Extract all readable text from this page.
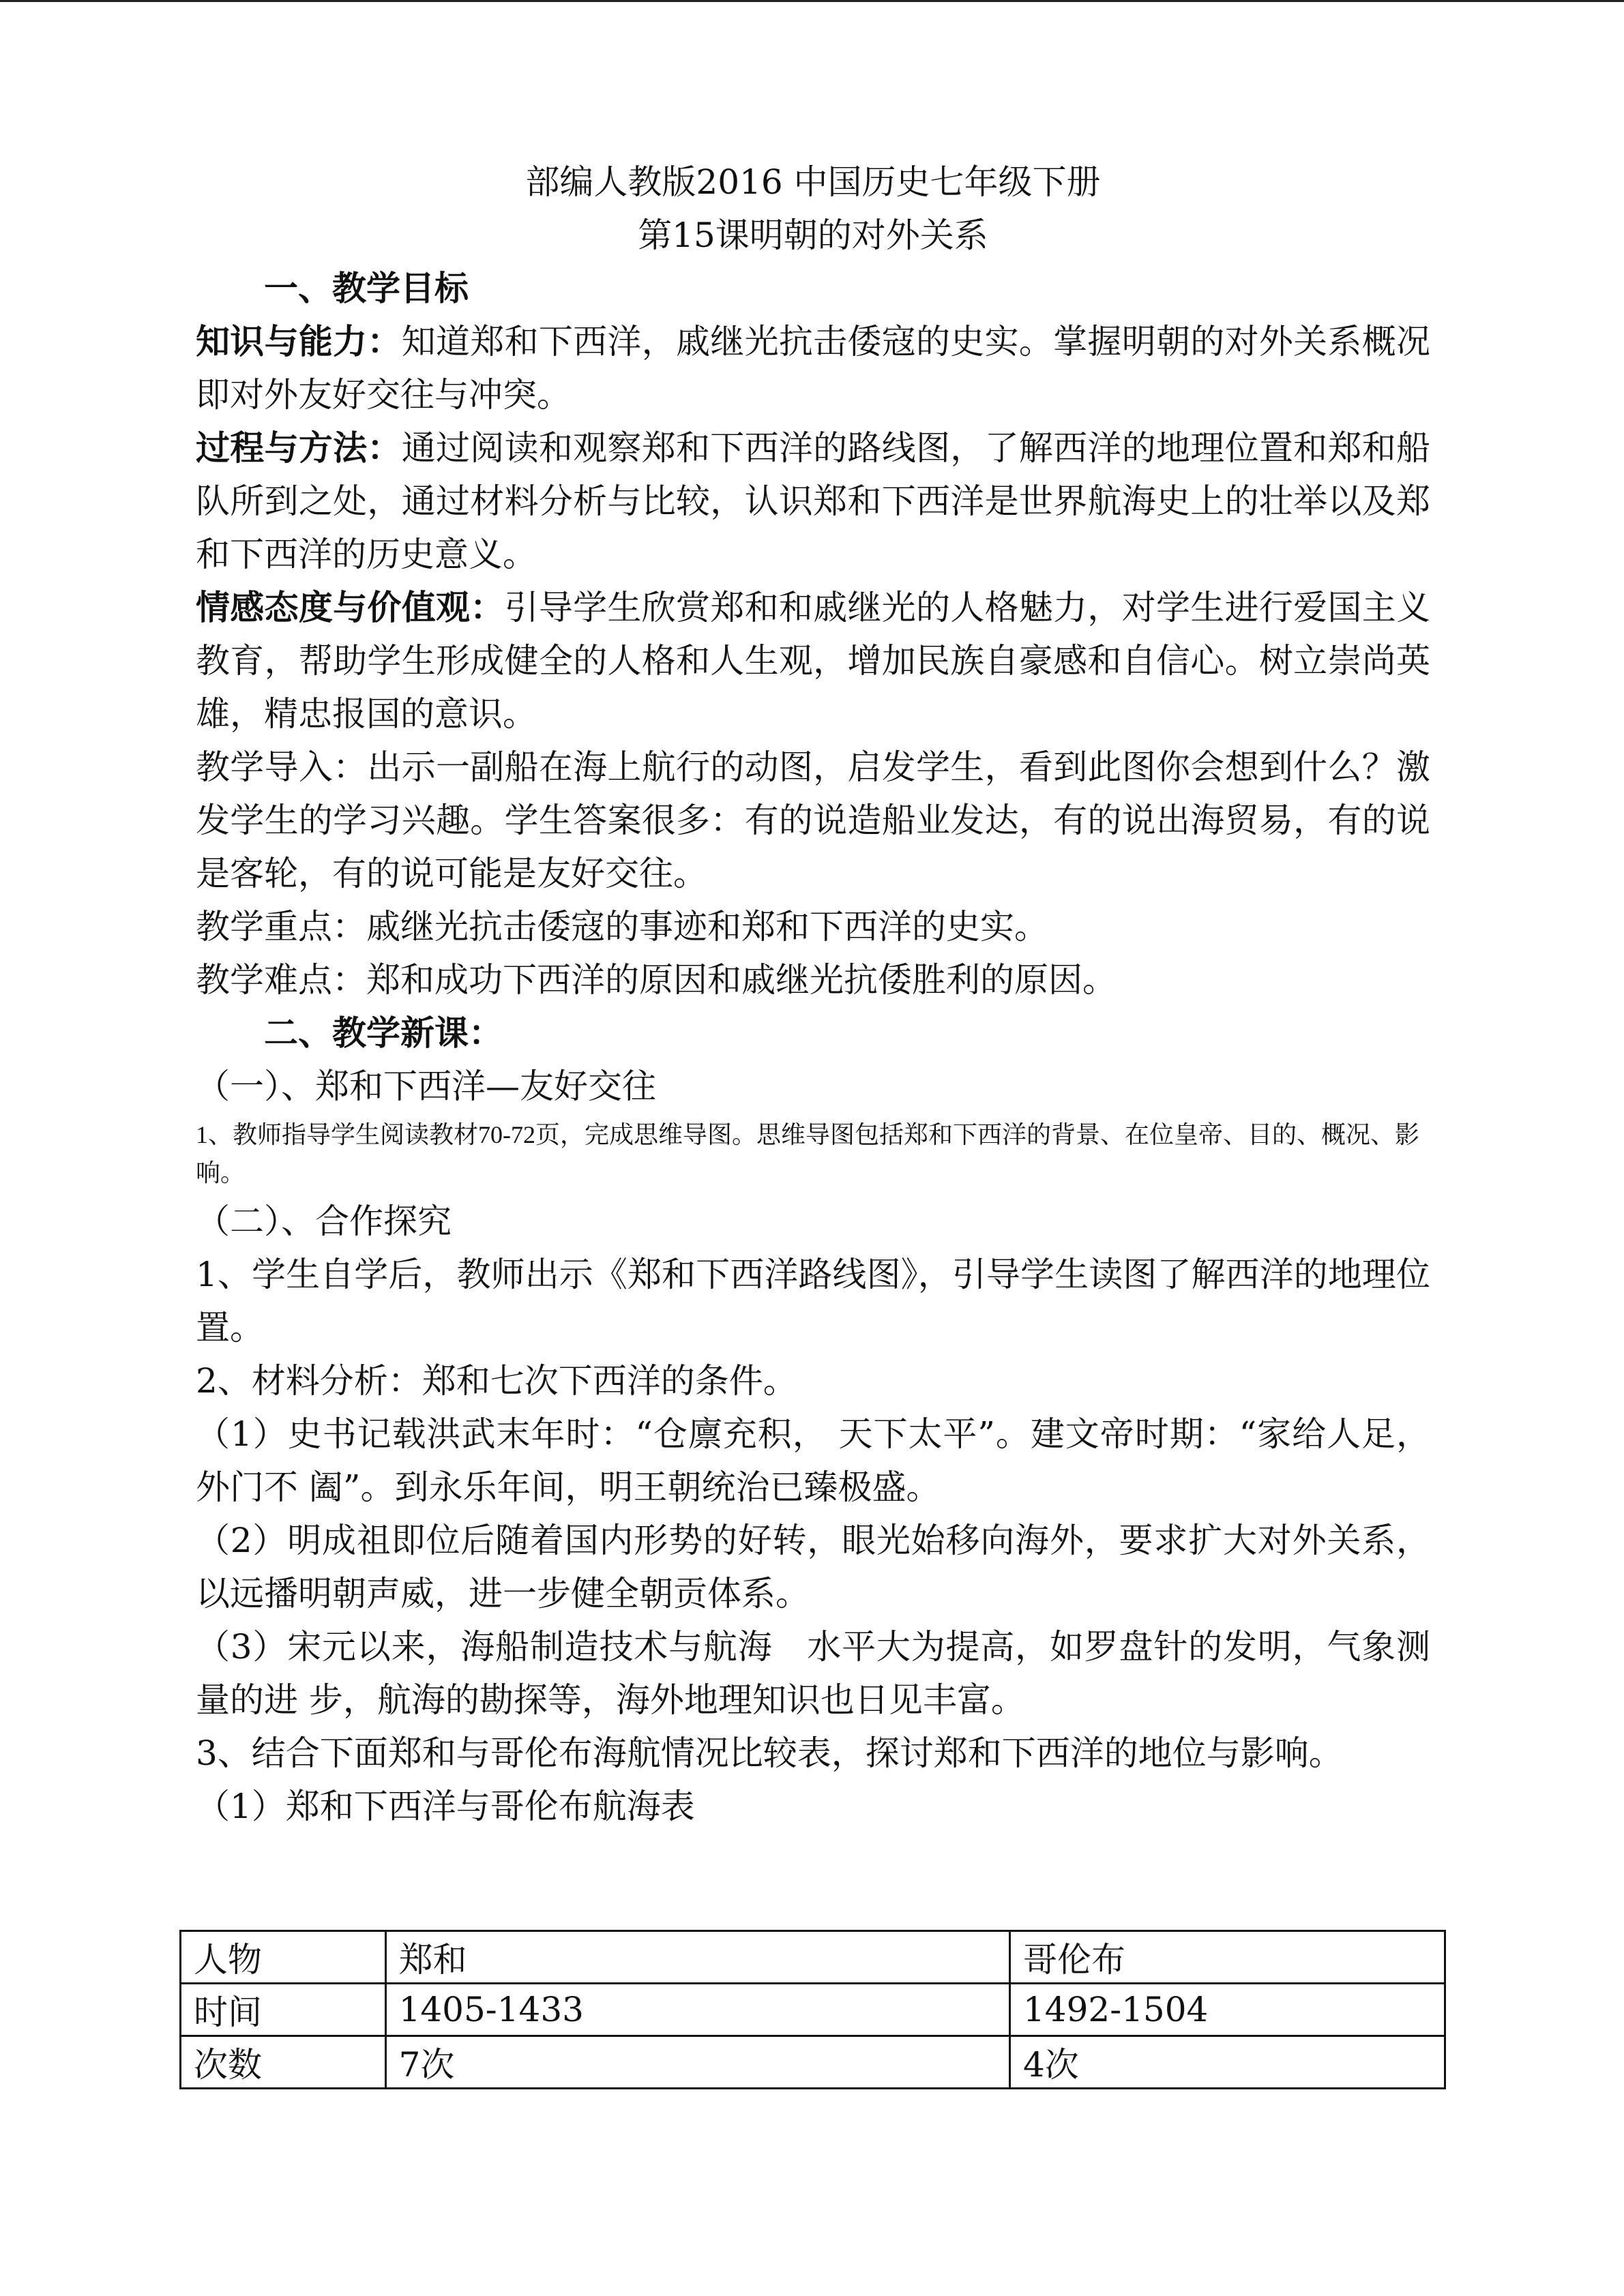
部编人教版2016 中国历史七年级下册

第15课明朝的对外关系

一、教学目标

知识与能力：知道郑和下西洋，戚继光抗击倭寇的史实。掌握明朝的对外关系概况即对外友好交往与冲突。

过程与方法：通过阅读和观察郑和下西洋的路线图，了解西洋的地理位置和郑和船队所到之处，通过材料分析与比较，认识郑和下西洋是世界航海史上的壮举以及郑和下西洋的历史意义。

情感态度与价值观：引导学生欣赏郑和和戚继光的人格魅力，对学生进行爱国主义教育，帮助学生形成健全的人格和人生观，增加民族自豪感和自信心。树立崇尚英雄，精忠报国的意识。

教学导入：出示一副船在海上航行的动图，启发学生，看到此图你会想到什么？激发学生的学习兴趣。学生答案很多：有的说造船业发达，有的说出海贸易，有的说是客轮，有的说可能是友好交往。

教学重点：戚继光抗击倭寇的事迹和郑和下西洋的史实。

教学难点：郑和成功下西洋的原因和戚继光抗倭胜利的原因。

二、教学新课：

（一）、郑和下西洋—友好交往

1、教师指导学生阅读教材70-72页，完成思维导图。思维导图包括郑和下西洋的背景、在位皇帝、目的、概况、影响。

（二）、合作探究

1、学生自学后，教师出示《郑和下西洋路线图》，引导学生读图了解西洋的地理位置。

2、材料分析：郑和七次下西洋的条件。

（1）史书记载洪武末年时：“仓廪充积， 天下太平”。建文帝时期：“家给人足，外门不 阖”。到永乐年间，明王朝统治已臻极盛。

（2）明成祖即位后随着国内形势的好转，眼光始移向海外，要求扩大对外关系，以远播明朝声威，进一步健全朝贡体系。

（3）宋元以来，海船制造技术与航海　水平大为提高，如罗盘针的发明，气象测量的进 步，航海的勘探等，海外地理知识也日见丰富。

3、结合下面郑和与哥伦布海航情况比较表，探讨郑和下西洋的地位与影响。

（1）郑和下西洋与哥伦布航海表

人物	郑和	哥伦布
时间	1405-1433	1492-1504
次数	7次	4次
